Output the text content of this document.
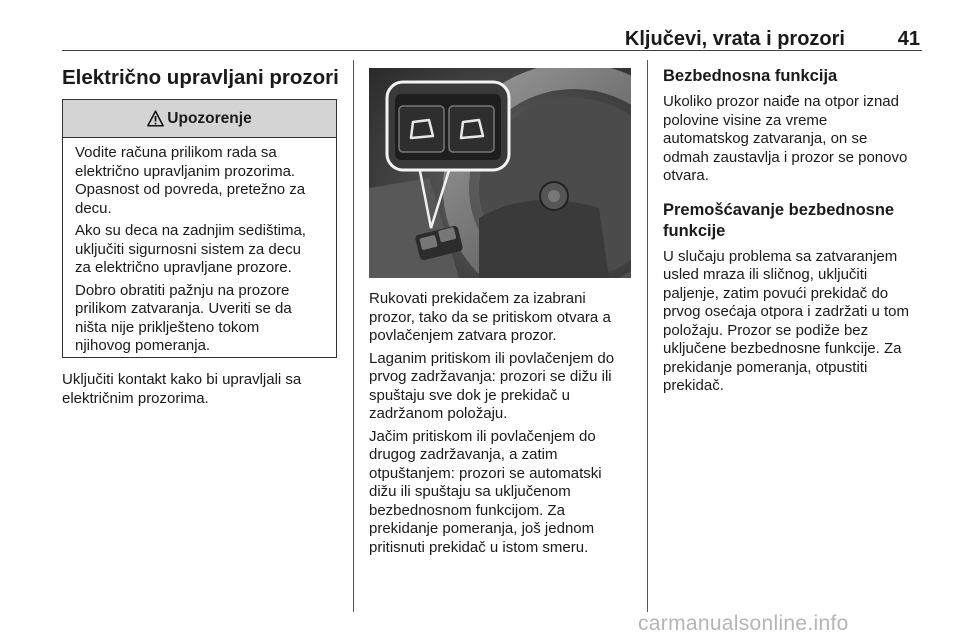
Ključevi, vrata i prozori	41
Električno upravljani prozori
Upozorenje

Vodite računa prilikom rada sa
električno upravljanim prozorima.
Opasnost od povreda, pretežno za
decu.

Ako su deca na zadnjim sedištima,
uključiti sigurnosni sistem za decu
za električno upravljane prozore.

Dobro obratiti pažnju na prozore
prilikom zatvaranja. Uveriti se da
ništa nije priklješteno tokom
njihovog pomeranja.

Uključiti kontakt kako bi upravljali sa
električnim prozorima.

Rukovati prekidačem za izabrani
prozor, tako da se pritiskom otvara a
povlačenjem zatvara prozor.

Laganim pritiskom ili povlačenjem do
prvog zadržavanja: prozori se dižu ili
spuštaju sve dok je prekidač u
zadržanom položaju.

Jačim pritiskom ili povlačenjem do
drugog zadržavanja, a zatim
otpuštanjem: prozori se automatski
dižu ili spuštaju sa uključenom
bezbednosnom funkcijom. Za
prekidanje pomeranja, još jednom
pritisnuti prekidač u istom smeru.

Bezbednosna funkcija

Ukoliko prozor naiđe na otpor iznad
polovine visine za vreme
automatskog zatvaranja, on se
odmah zaustavlja i prozor se ponovo
otvara.

Premošćavanje bezbednosne
funkcije

U slučaju problema sa zatvaranjem
usled mraza ili sličnog, uključiti
paljenje, zatim povući prekidač do
prvog osećaja otpora i zadržati u tom
položaju. Prozor se podiže bez
uključene bezbednosne funkcije. Za
prekidanje pomeranja, otpustiti
prekidač.

carmanualsonline.info
